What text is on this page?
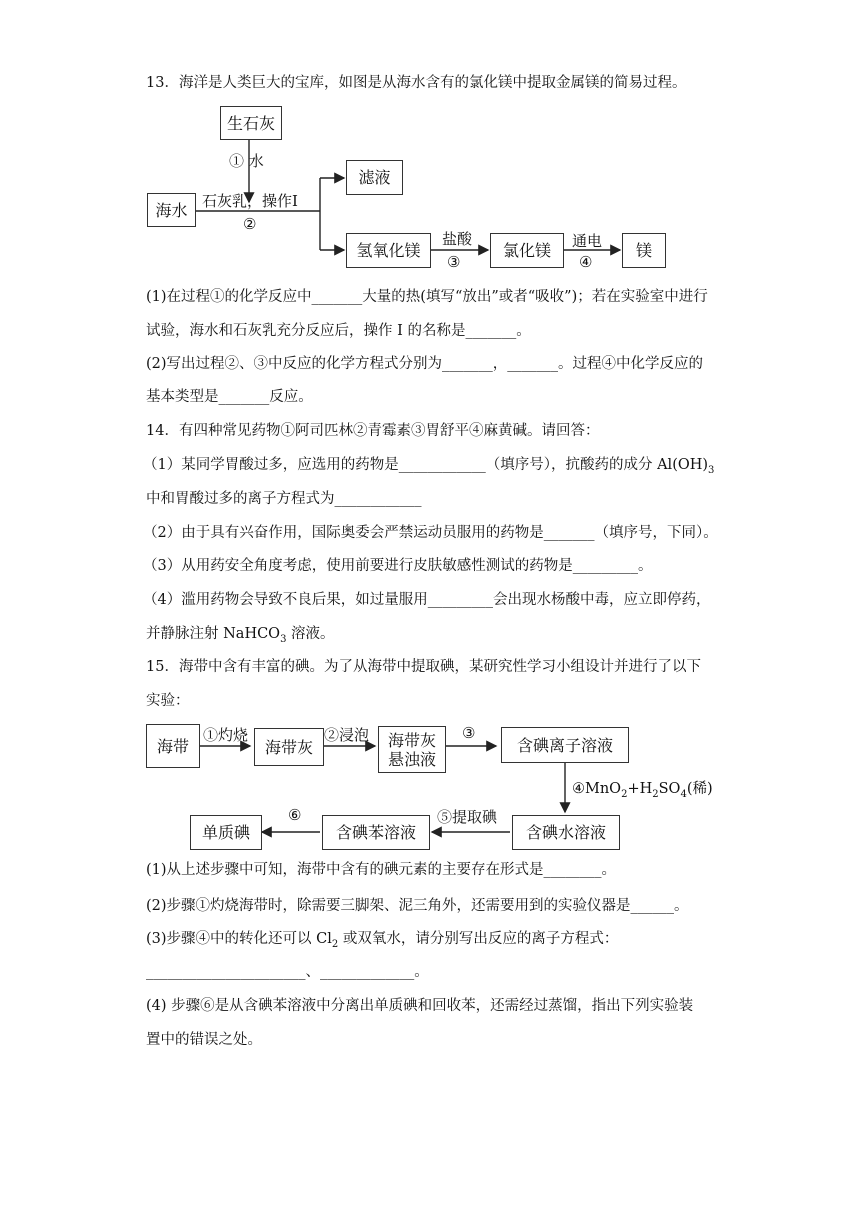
13．海洋是人类巨大的宝库，如图是从海水含有的氯化镁中提取金属镁的简易过程。
生石灰
① 水
海水 石灰乳，操作I
②
滤液
氢氧化镁
盐酸
③
氯化镁	通电
④
镁
(1)在过程①的化学反应中_______大量的热(填写“放出”或者“吸收”)；若在实验室中进行
试验，海水和石灰乳充分反应后，操作 I 的名称是_______。
(2)写出过程②、③中反应的化学方程式分别为_______，_______。过程④中化学反应的
基本类型是_______反应。
14．有四种常见药物①阿司匹林②青霉素③胃舒平④麻黄碱。请回答：
（1）某同学胃酸过多，应选用的药物是____________（填序号），抗酸药的成分 $Al(OH)_3$
中和胃酸过多的离子方程式为____________
（2）由于具有兴奋作用，国际奥委会严禁运动员服用的药物是_______（填序号，下同）。
（3）从用药安全角度考虑，使用前要进行皮肤敏感性测试的药物是_________。
（4）滥用药物会导致不良后果，如过量服用_________会出现水杨酸中毒，应立即停药，
并静脉注射 NaHCO$_3$ 溶液。
15．海带中含有丰富的碘。为了从海带中提取碘，某研究性学习小组设计并进行了以下
实验：
海带
①灼烧
海带灰
②浸泡 海带灰
悬浊液
③
含碘离子溶液
$④MnO_2+H_2SO_4$(稀)
含碘水溶液
⑤提取碘
含碘苯溶液
⑥
单质碘
(1)从上述步骤中可知，海带中含有的碘元素的主要存在形式是________。
(2)步骤①灼烧海带时，除需要三脚架、泥三角外，还需要用到的实验仪器是______。
(3)步骤④中的转化还可以 $Cl_2$ 或双氧水，请分别写出反应的离子方程式：
______________________、_____________。
(4) 步骤⑥是从含碘苯溶液中分离出单质碘和回收苯，还需经过蒸馏，指出下列实验装
置中的错误之处。
